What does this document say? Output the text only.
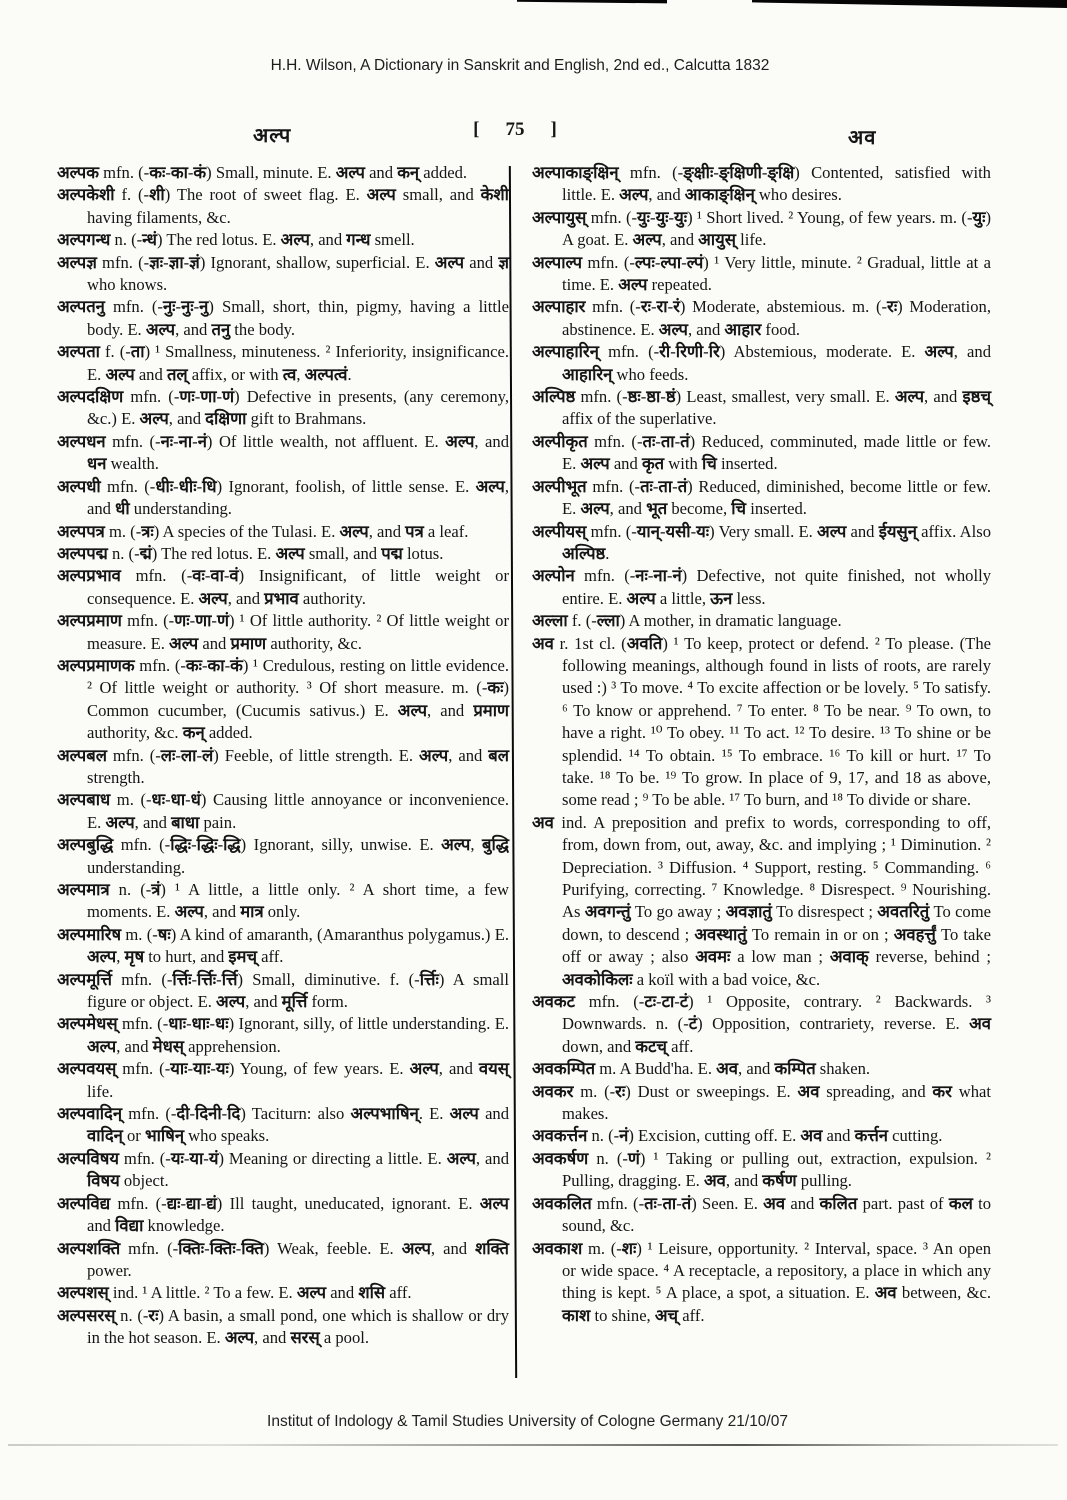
H.H. Wilson, A Dictionary in Sanskrit and English, 2nd ed., Calcutta 1832
अल्प	[ 75 ]	अव

अल्पक mfn. (-कः-का-कं) Small, minute. E. अल्प and कन् added.

अल्पकेशी f. (-शी) The root of sweet flag. E. अल्प small, and केशी having filaments, &c.

अल्पगन्ध n. (-न्धं) The red lotus. E. अल्प, and गन्ध smell.

अल्पज्ञ mfn. (-ज्ञः-ज्ञा-ज्ञं) Ignorant, shallow, superficial. E. अल्प and ज्ञ who knows.

अल्पतनु mfn. (-नुः-नुः-नु) Small, short, thin, pigmy, having a little body. E. अल्प, and तनु the body.

अल्पता f. (-ता) ¹ Smallness, minuteness. ² Inferiority, insignificance. E. अल्प and तल् affix, or with त्व, अल्पत्वं.

अल्पदक्षिण mfn. (-णः-णा-णं) Defective in presents, (any ceremony, &c.) E. अल्प, and दक्षिणा gift to Brahmans.

अल्पधन mfn. (-नः-ना-नं) Of little wealth, not affluent. E. अल्प, and धन wealth.

अल्पधी mfn. (-धीः-धीः-धि) Ignorant, foolish, of little sense. E. अल्प, and धी understanding.

अल्पपत्र m. (-त्रः) A species of the Tulasi. E. अल्प, and पत्र a leaf.

अल्पपद्म n. (-द्मं) The red lotus. E. अल्प small, and पद्म lotus.

अल्पप्रभाव mfn. (-वः-वा-वं) Insignificant, of little weight or consequence. E. अल्प, and प्रभाव authority.

अल्पप्रमाण mfn. (-णः-णा-णं) ¹ Of little authority. ² Of little weight or measure. E. अल्प and प्रमाण authority, &c.

अल्पप्रमाणक mfn. (-कः-का-कं) ¹ Credulous, resting on little evidence. ² Of little weight or authority. ³ Of short measure. m. (-कः) Common cucumber, (Cucumis sativus.) E. अल्प, and प्रमाण authority, &c. कन् added.

अल्पबल mfn. (-लः-ला-लं) Feeble, of little strength. E. अल्प, and बल strength.

अल्पबाध m. (-धः-धा-धं) Causing little annoyance or inconvenience. E. अल्प, and बाधा pain.

अल्पबुद्धि mfn. (-द्धिः-द्धिः-द्धि) Ignorant, silly, unwise. E. अल्प, बुद्धि understanding.

अल्पमात्र n. (-त्रं) ¹ A little, a little only. ² A short time, a few moments. E. अल्प, and मात्र only.

अल्पमारिष m. (-षः) A kind of amaranth, (Amaranthus polygamus.) E. अल्प, मृष to hurt, and इमच् aff.

अल्पमूर्त्ति mfn. (-र्त्तिः-र्त्तिः-र्त्ति) Small, diminutive. f. (-र्त्तिः) A small figure or object. E. अल्प, and मूर्त्ति form.

अल्पमेधस् mfn. (-धाः-धाः-धः) Ignorant, silly, of little understanding. E. अल्प, and मेधस् apprehension.

अल्पवयस् mfn. (-याः-याः-यः) Young, of few years. E. अल्प, and वयस् life.

अल्पवादिन् mfn. (-दी-दिनी-दि) Taciturn: also अल्पभाषिन्. E. अल्प and वादिन् or भाषिन् who speaks.

अल्पविषय mfn. (-यः-या-यं) Meaning or directing a little. E. अल्प, and विषय object.

अल्पविद्य mfn. (-द्यः-द्या-द्यं) Ill taught, uneducated, ignorant. E. अल्प and विद्या knowledge.

अल्पशक्ति mfn. (-क्तिः-क्तिः-क्ति) Weak, feeble. E. अल्प, and शक्ति power.

अल्पशस् ind. ¹ A little. ² To a few. E. अल्प and शसि aff.

अल्पसरस् n. (-रः) A basin, a small pond, one which is shallow or dry in the hot season. E. अल्प, and सरस् a pool.

अल्पाकाङ्क्षिन् mfn. (-ङ्क्षीः-ङ्क्षिणी-ङ्क्षि) Contented, satisfied with little. E. अल्प, and आकाङ्क्षिन् who desires.

अल्पायुस् mfn. (-युः-युः-युः) ¹ Short lived. ² Young, of few years. m. (-युः) A goat. E. अल्प, and आयुस् life.

अल्पाल्प mfn. (-ल्पः-ल्पा-ल्पं) ¹ Very little, minute. ² Gradual, little at a time. E. अल्प repeated.

अल्पाहार mfn. (-रः-रा-रं) Moderate, abstemious. m. (-रः) Moderation, abstinence. E. अल्प, and आहार food.

अल्पाहारिन् mfn. (-री-रिणी-रि) Abstemious, moderate. E. अल्प, and आहारिन् who feeds.

अल्पिष्ठ mfn. (-ष्ठः-ष्ठा-ष्ठं) Least, smallest, very small. E. अल्प, and इष्ठच् affix of the superlative.

अल्पीकृत mfn. (-तः-ता-तं) Reduced, comminuted, made little or few. E. अल्प and कृत with चि inserted.

अल्पीभूत mfn. (-तः-ता-तं) Reduced, diminished, become little or few. E. अल्प, and भूत become, चि inserted.

अल्पीयस् mfn. (-यान्-यसी-यः) Very small. E. अल्प and ईयसुन् affix. Also अल्पिष्ठ.

अल्पोन mfn. (-नः-ना-नं) Defective, not quite finished, not wholly entire. E. अल्प a little, ऊन less.

अल्ला f. (-ल्ला) A mother, in dramatic language.

अव r. 1st cl. (अवति) ¹ To keep, protect or defend. ² To please. (The following meanings, although found in lists of roots, are rarely used :) ³ To move. ⁴ To excite affection or be lovely. ⁵ To satisfy. ⁶ To know or apprehend. ⁷ To enter. ⁸ To be near. ⁹ To own, to have a right. ¹⁰ To obey. ¹¹ To act. ¹² To desire. ¹³ To shine or be splendid. ¹⁴ To obtain. ¹⁵ To embrace. ¹⁶ To kill or hurt. ¹⁷ To take. ¹⁸ To be. ¹⁹ To grow. In place of 9, 17, and 18 as above, some read ; ⁹ To be able. ¹⁷ To burn, and ¹⁸ To divide or share.

अव ind. A preposition and prefix to words, corresponding to off, from, down from, out, away, &c. and implying ; ¹ Diminution. ² Depreciation. ³ Diffusion. ⁴ Support, resting. ⁵ Commanding. ⁶ Purifying, correcting. ⁷ Knowledge. ⁸ Disrespect. ⁹ Nourishing. As अवगन्तुं To go away ; अवज्ञातुं To disrespect ; अवतरितुं To come down, to descend ; अवस्थातुं To remain in or on ; अवहर्त्तुं To take off or away ; also अवमः a low man ; अवाक् reverse, behind ; अवकोकिलः a koïl with a bad voice, &c.

अवकट mfn. (-टः-टा-टं) ¹ Opposite, contrary. ² Backwards. ³ Downwards. n. (-टं) Opposition, contrariety, reverse. E. अव down, and कटच् aff.

अवकम्पित m. A Budd'ha. E. अव, and कम्पित shaken.

अवकर m. (-रः) Dust or sweepings. E. अव spreading, and कर what makes.

अवकर्त्तन n. (-नं) Excision, cutting off. E. अव and कर्त्तन cutting.

अवकर्षण n. (-णं) ¹ Taking or pulling out, extraction, expulsion. ² Pulling, dragging. E. अव, and कर्षण pulling.

अवकलित mfn. (-तः-ता-तं) Seen. E. अव and कलित part. past of कल to sound, &c.

अवकाश m. (-शः) ¹ Leisure, opportunity. ² Interval, space. ³ An open or wide space. ⁴ A receptacle, a repository, a place in which any thing is kept. ⁵ A place, a spot, a situation. E. अव between, &c. काश to shine, अच् aff.

Institut of Indology & Tamil Studies University of Cologne Germany 21/10/07
